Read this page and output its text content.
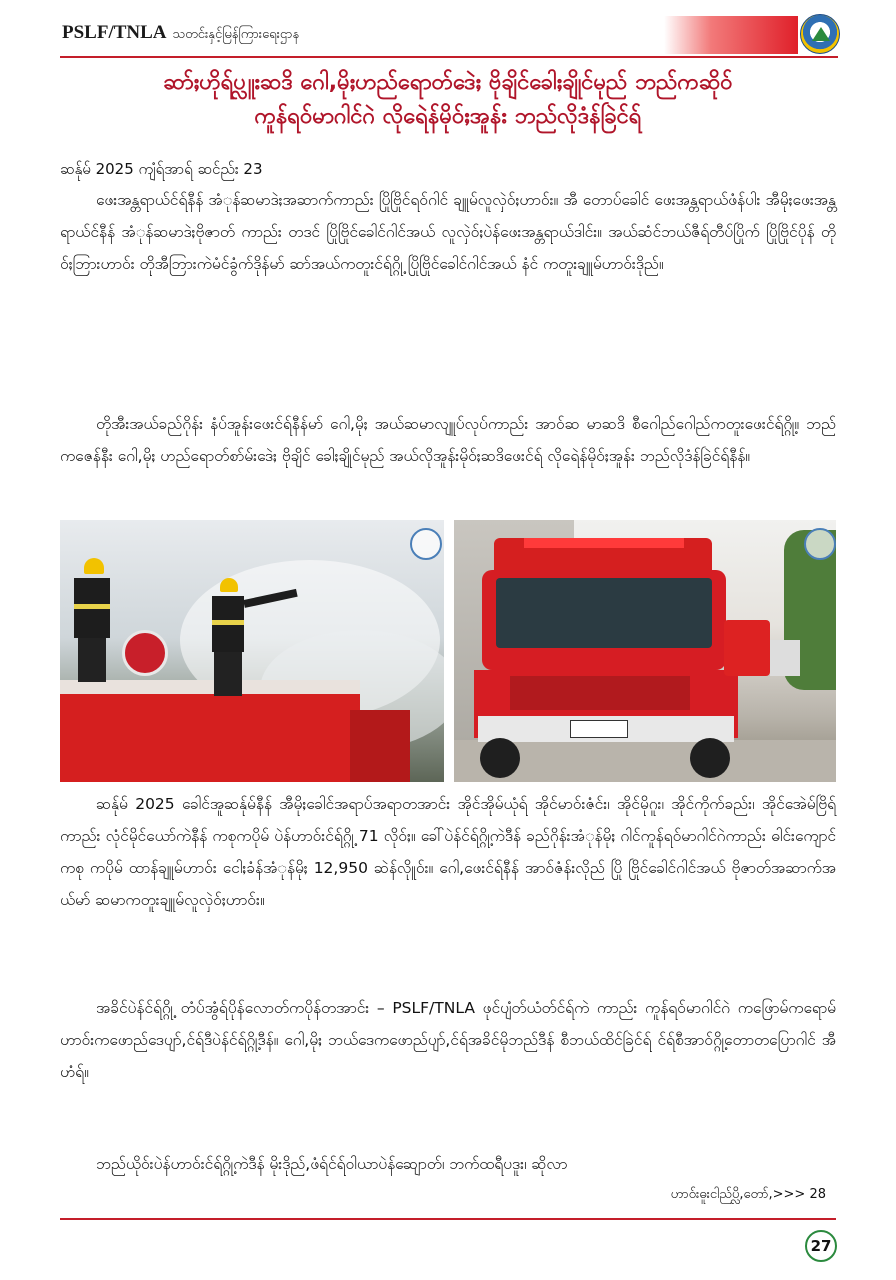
PSLF/TNLA သတင်းနှင့်မြန်ကြားရေးဌာန
ဆာ်ႈဟိုရ်ပ္လူးဆဒိ ဂေါ,မိုႈဟည်ရောတ်ဒေဲႈ ဗိုချိင်ခေါႈချိုင်မုည် ဘည်ကဆိုဝ်
ကူန်ရဝ်မာဂါင်ဂဲ လိုရေဲန်မိုဝ်ႈအူန်း ဘည်လိုဒံန်ခြဲင်ရ်
ဆန်ုမ် 2025 ကျံရ်အာရ် ဆင်ည်း 23
ဖေးအန္တရာယ်င်ရ်နီန် အံုန်ဆမာဒဲႈအဆာက်ကာည်း ပြိုဗြိုင်ရဝ်ဂါင် ချူမ်လူလှဲဝ်ႈဟာဝ်း။ အီ တောပ်ခေါင် ဖေးအန္တရာယ်ဖံန်ပါး အီမိုႈဖေးအန္တရာယ်င်နီန် အံုန်ဆမာဒဲႈဗိုဇာတ် ကာည်း တဒင် ပြိုဗြိုင်ခေါင်ဂါင်အယ် လူလှဲဝ်ႈပဲန်ဖေးအန္တရာယ်ဒါင်း။ အယ်ဆံင်ဘယ်ဇီရ်တီပ်ပြိုက် ပြိုဗြိုင်ပိုန် တိုဝ်ႈဘြားဟာဝ်း တိုအီဘြားကဲမံင်ခွံက်ဒိုန်မာ် ဆာ်အယ်ကတူးင်ရ်ဂ္ဂို့ ပြိုဗြိုင်ခေါင်ဂါင်အယ် နံင် ကတူးချူမ်ဟာဝ်းဒိုည်။
တိုအီးအယ်ခည်ဂိုန်း နံပ်အူန်းဖေးင်ရ်နီန်မာ် ဂေါ,မိုႈ အယ်ဆမာလျူပ်လုပ်ကာည်း အာဝ်ဆ မာဆဒိ စီဂေါည်ဂေါည်ကတူးဖေးင်ရ်ဂ္ဂို့။ ဘည်ကဇေန်နီး ဂေါ,မိုႈ ဟည်ရောတ်စာ်မ်းဒေဲႈ ဗိုချိင် ခေါႈချိုင်မုည် အယ်လိုအူန်းမိုဝ်ႈဆဒိဖေးင်ရ် လိုရေဲန်မိုဝ်ႈအူန်း ဘည်လိုဒံန်ခြဲင်ရ်နီန်။
ဆန်ုမ် 2025 ခေါင်အူဆန်ုမ်နီန် အီမိုႈခေါင်အရာပ်အရာတအာင်း အိုင်အိုမ်ယုံရ် အိုင်မာဝ်းဇံင်း၊ အိုင်မိုဂူး၊ အိုင်ကိုက်ခည်း၊ အိုင်အေဲမ်ဗြိရ်ကာည်း လုံင်မိုင်ယော်ကဲနီန် ကစုကပိုမ် ပဲန်ဟာဝ်းင်ရ်ဂ္ဂို့ 71 လိုဝ်ႈ။ ခေါ်ပဲန်င်ရ်ဂ္ဂို့ကဲဒီန် ခည်ဂိုန်းအံုန်မိုႈ ဂါင်ကူန်ရဝ်မာဂါင်ဂဲကာည်း ဓါင်းကျောင် ကစု ကပိုမ် ထာန်ချူမ်ဟာဝ်း ငေါႈခံန်အံုန်မိုႈ 12,950 ဆဲန်လိုူဝ်း။ ဂေါ,ဖေးင်ရ်နီန် အာဝ်ဇံန်းလိုည် ပြို ဗြိုင်ခေါင်ဂါင်အယ် ဗိုဇာတ်အဆာက်အယ်မာ် ဆမာကတူးချူမ်လူလှဲဝ်ႈဟာဝ်း။
အခိင်ပဲန်င်ရ်ဂ္ဂို့ တံပ်အွံရ်ပိုန်လောတ်ကပိုန်တအာင်း – PSLF/TNLA ဖုင်ပျံတ်ယံတ်င်ရ်ကဲ ကာည်း ကူန်ရဝ်မာဂါင်ဂဲ ကဖြောမ်ကရောမ် ဟာဝ်းကဖောည်ဒေပျာ်,င်ရ်ဒီပဲန်င်ရ်ဂ္ဂို့ဒီန်။ ဂေါ,မိုႈ ဘယ်ဒေကဖောည်ပျာ်,င်ရ်အခိင်မိုဘည်ဒီန် စီဘယ်ထိင်ခြဲင်ရ် င်ရ်စီအာဝ်ဂ္ဂို့တောတပြောဂါင် အီဟံရ်။
ဘည်ယိုဝ်းပဲန်ဟာဝ်းင်ရ်ဂ္ဂို့ကဲဒီန် မိုးဒိုည်,ဖံရ်င်ရ်ဝါယာပဲန်ဆျောတ်၊ ဘက်ထရီပဒူး၊ ဆိုလာ
ဟာဝ်းဓူးငါည်ပ္လိ,တော်,>>> 28
27
